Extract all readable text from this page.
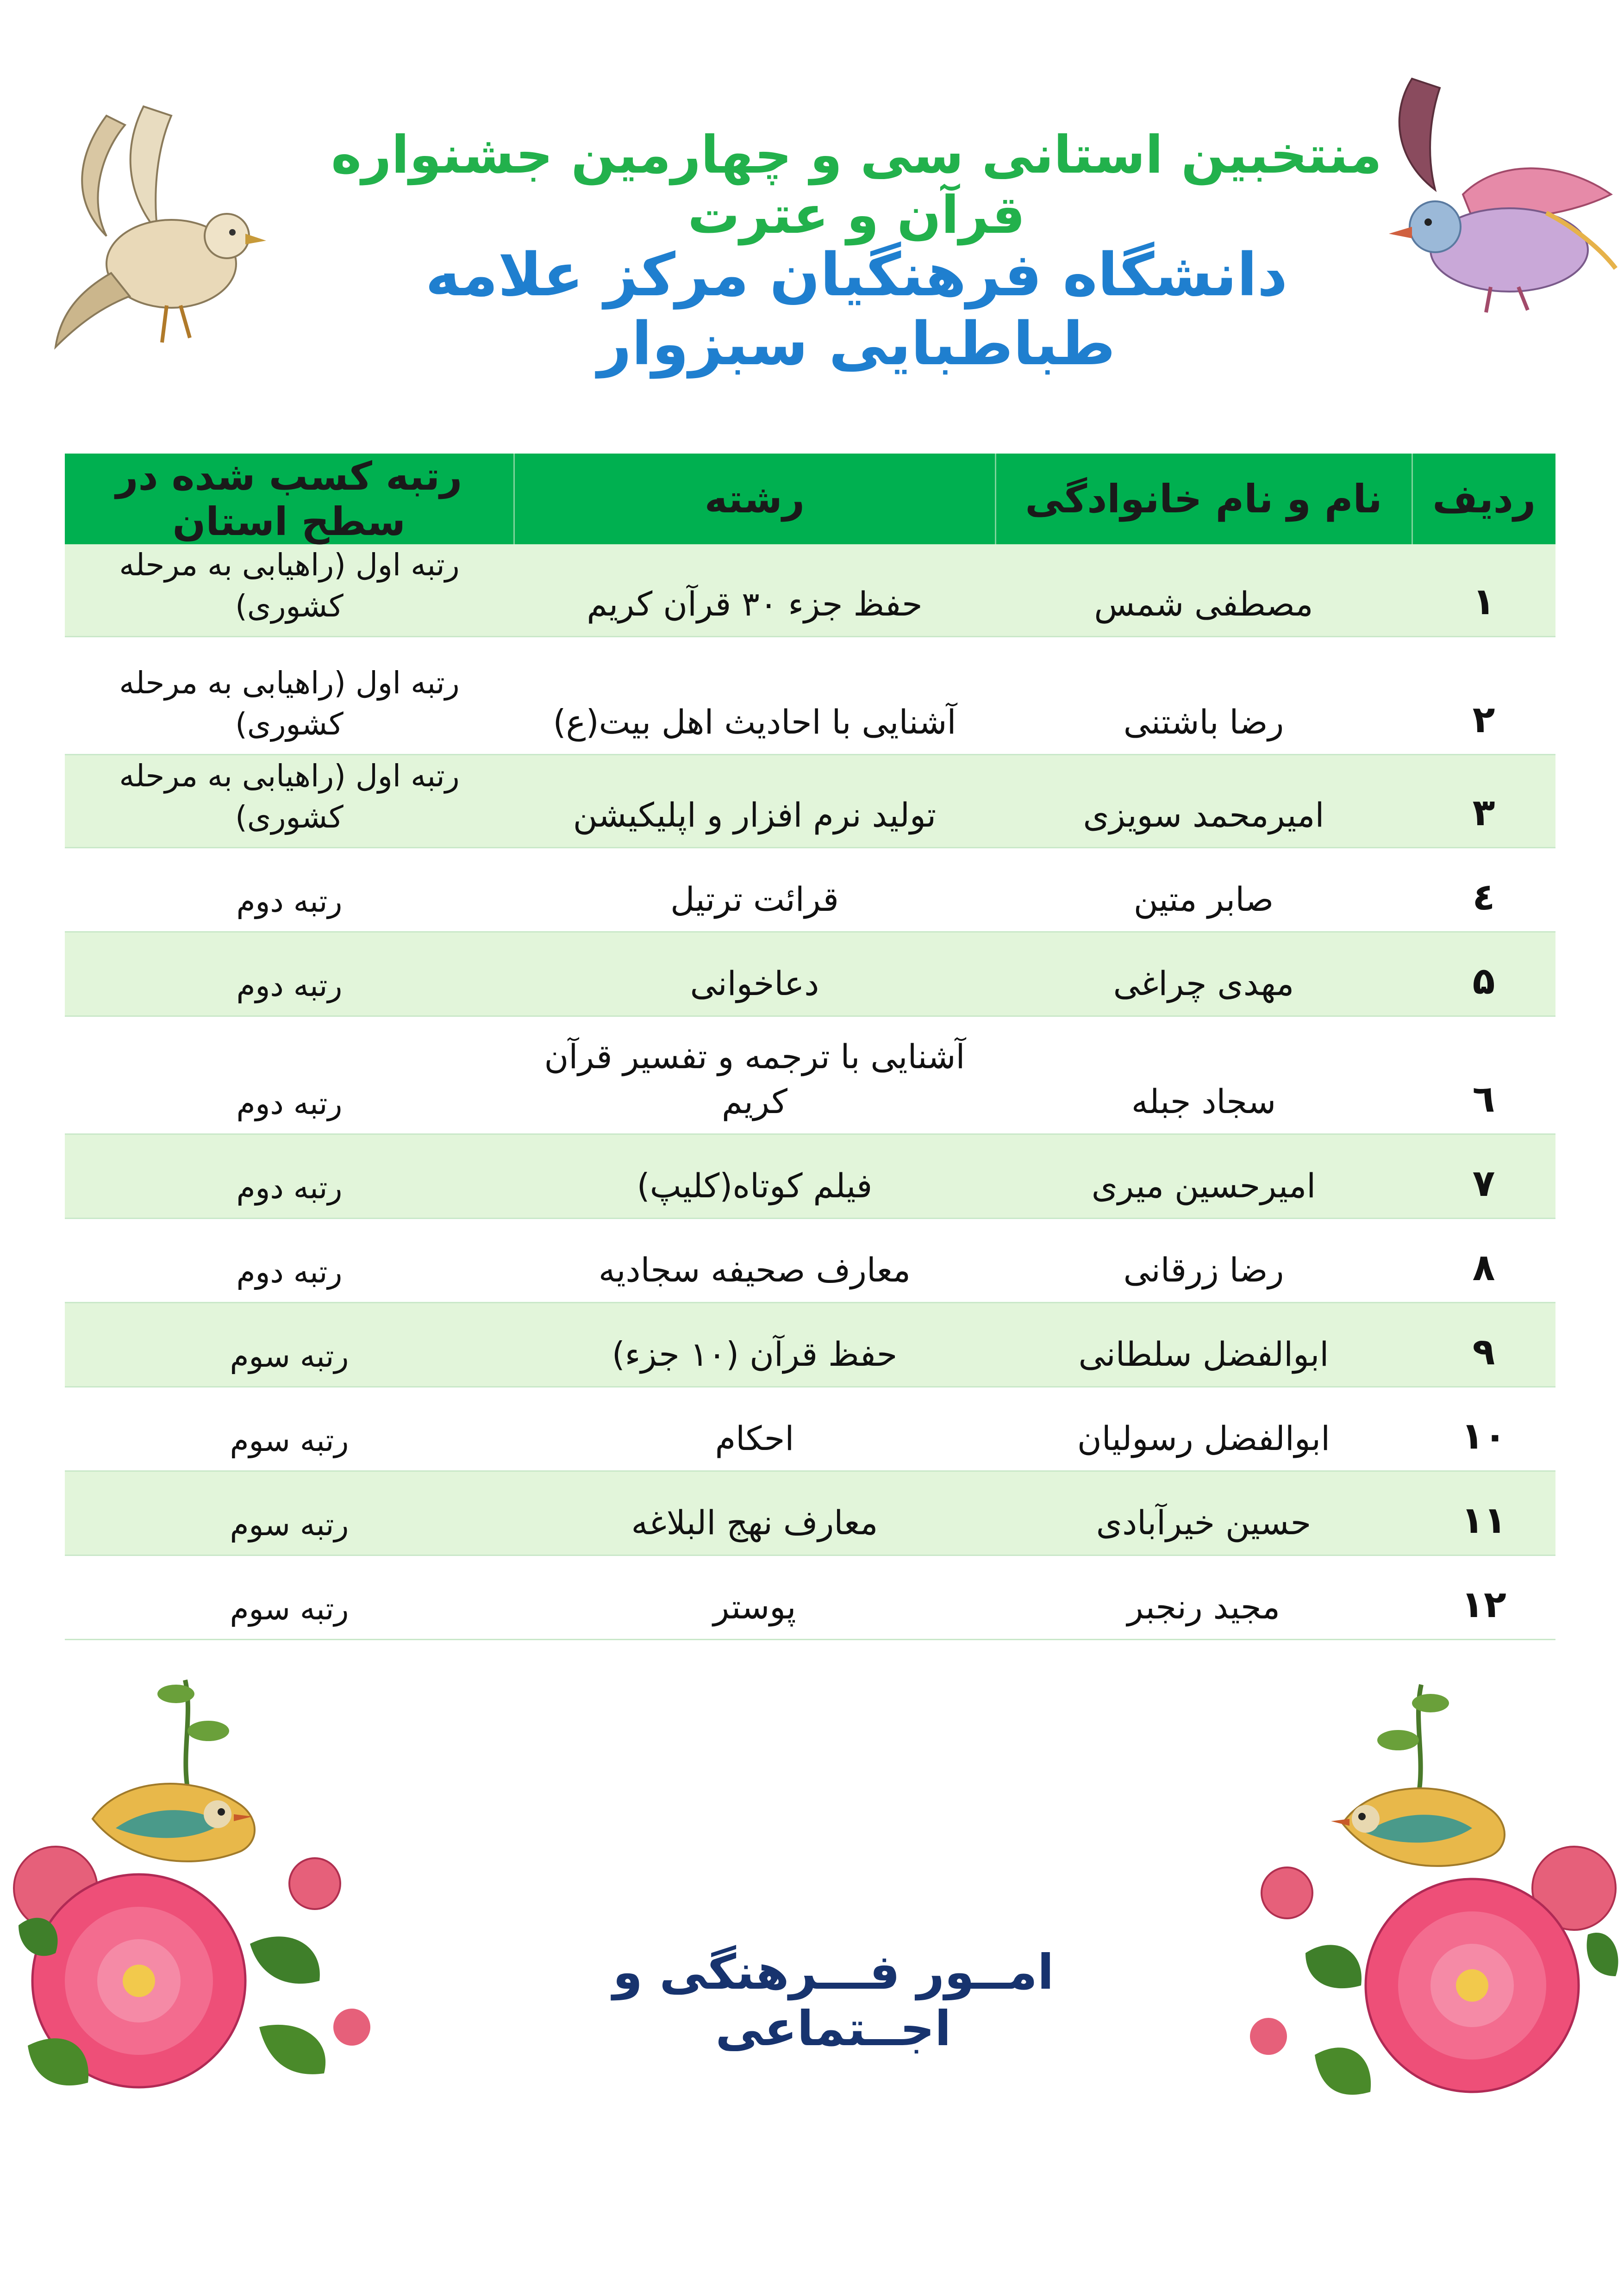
منتخبین استانی سی و چهارمین جشنواره قرآن و عترت
دانشگاه فرهنگیان مرکز علامه طباطبایی سبزوار
ردیف	نام و نام خانوادگی	رشته	رتبه کسب شده در سطح استان
۱	مصطفی شمس	حفظ جزء ۳۰ قرآن کریم	رتبه اول (راهیابی به مرحله کشوری)
۲	رضا باشتنی	آشنایی با احادیث اهل بیت(ع)	رتبه اول (راهیابی به مرحله کشوری)
۳	امیرمحمد سویزی	تولید نرم افزار و اپلیکیشن	رتبه اول (راهیابی به مرحله کشوری)
٤	صابر متین	قرائت ترتیل	رتبه دوم
۵	مهدی چراغی	دعاخوانی	رتبه دوم
٦	سجاد جبله	آشنایی با ترجمه و تفسیر قرآن کریم	رتبه دوم
۷	امیرحسین میری	فیلم کوتاه(کلیپ)	رتبه دوم
۸	رضا زرقانی	معارف صحیفه سجادیه	رتبه دوم
۹	ابوالفضل سلطانی	حفظ قرآن (۱۰ جزء)	رتبه سوم
۱۰	ابوالفضل رسولیان	احکام	رتبه سوم
۱۱	حسین خیرآبادی	معارف نهج البلاغه	رتبه سوم
۱۲	مجید رنجبر	پوستر	رتبه سوم
امــور فـــرهنگی و اجــتماعی
